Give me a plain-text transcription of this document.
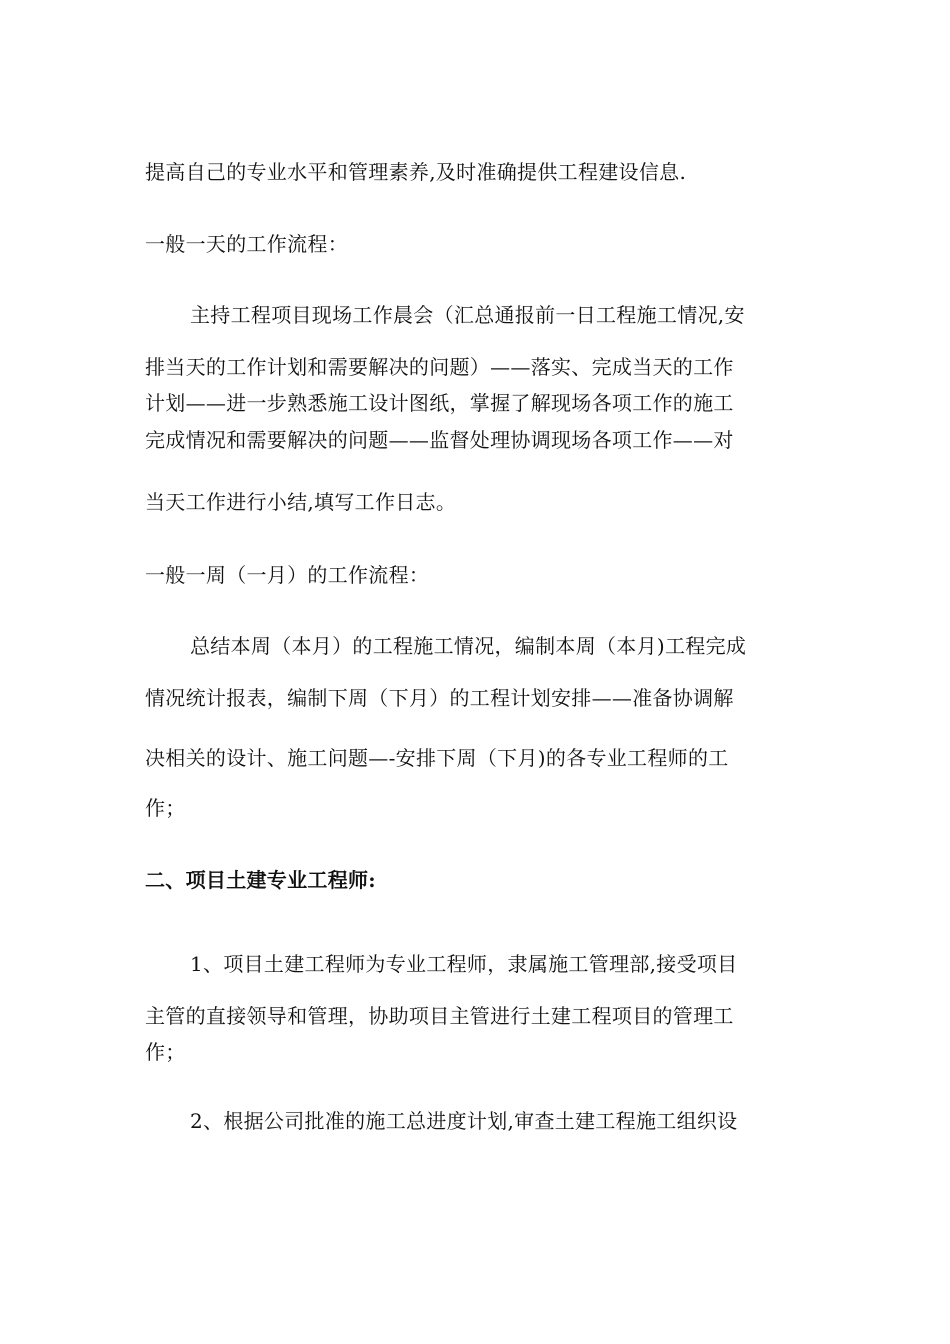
提高自己的专业水平和管理素养,及时准确提供工程建设信息.
一般一天的工作流程：
主持工程项目现场工作晨会（汇总通报前一日工程施工情况,安
排当天的工作计划和需要解决的问题）——落实、完成当天的工作
计划——进一步熟悉施工设计图纸，掌握了解现场各项工作的施工
完成情况和需要解决的问题——监督处理协调现场各项工作——对
当天工作进行小结,填写工作日志。
一般一周（一月）的工作流程：
总结本周（本月）的工程施工情况，编制本周（本月)工程完成
情况统计报表，编制下周（下月）的工程计划安排——准备协调解
决相关的设计、施工问题—-安排下周（下月)的各专业工程师的工
作；
二、项目土建专业工程师:
1、项目土建工程师为专业工程师，隶属施工管理部,接受项目
主管的直接领导和管理，协助项目主管进行土建工程项目的管理工
作；
2、根据公司批准的施工总进度计划,审查土建工程施工组织设
